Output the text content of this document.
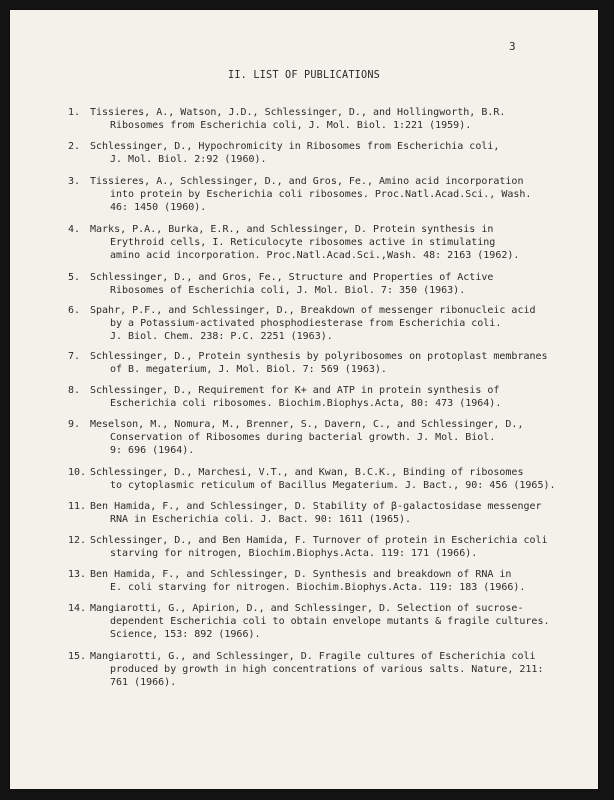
3
II. LIST OF PUBLICATIONS
1. Tissieres, A., Watson, J.D., Schlessinger, D., and Hollingworth, B.R.
Ribosomes from Escherichia coli, J. Mol. Biol. 1:221 (1959).
2. Schlessinger, D., Hypochromicity in Ribosomes from Escherichia coli,
J. Mol. Biol. 2:92 (1960).
3. Tissieres, A., Schlessinger, D., and Gros, Fe., Amino acid incorporation
into protein by Escherichia coli ribosomes. Proc.Natl.Acad.Sci., Wash.
46: 1450 (1960).
4. Marks, P.A., Burka, E.R., and Schlessinger, D. Protein synthesis in
Erythroid cells, I. Reticulocyte ribosomes active in stimulating
amino acid incorporation. Proc.Natl.Acad.Sci.,Wash. 48: 2163 (1962).
5. Schlessinger, D., and Gros, Fe., Structure and Properties of Active
Ribosomes of Escherichia coli, J. Mol. Biol. 7: 350 (1963).
6. Spahr, P.F., and Schlessinger, D., Breakdown of messenger ribonucleic acid
by a Potassium-activated phosphodiesterase from Escherichia coli.
J. Biol. Chem. 238: P.C. 2251 (1963).
7. Schlessinger, D., Protein synthesis by polyribosomes on protoplast membranes
of B. megaterium, J. Mol. Biol. 7: 569 (1963).
8. Schlessinger, D., Requirement for K+ and ATP in protein synthesis of
Escherichia coli ribosomes. Biochim.Biophys.Acta, 80: 473 (1964).
9. Meselson, M., Nomura, M., Brenner, S., Davern, C., and Schlessinger, D.,
Conservation of Ribosomes during bacterial growth. J. Mol. Biol.
9: 696 (1964).
10. Schlessinger, D., Marchesi, V.T., and Kwan, B.C.K., Binding of ribosomes
to cytoplasmic reticulum of Bacillus Megaterium. J. Bact., 90: 456 (1965).
11. Ben Hamida, F., and Schlessinger, D. Stability of β-galactosidase messenger
RNA in Escherichia coli. J. Bact. 90: 1611 (1965).
12. Schlessinger, D., and Ben Hamida, F. Turnover of protein in Escherichia coli
starving for nitrogen, Biochim.Biophys.Acta. 119: 171 (1966).
13. Ben Hamida, F., and Schlessinger, D. Synthesis and breakdown of RNA in
E. coli starving for nitrogen. Biochim.Biophys.Acta. 119: 183 (1966).
14. Mangiarotti, G., Apirion, D., and Schlessinger, D. Selection of sucrose-
dependent Escherichia coli to obtain envelope mutants & fragile cultures.
Science, 153: 892 (1966).
15. Mangiarotti, G., and Schlessinger, D. Fragile cultures of Escherichia coli
produced by growth in high concentrations of various salts. Nature, 211:
761 (1966).
